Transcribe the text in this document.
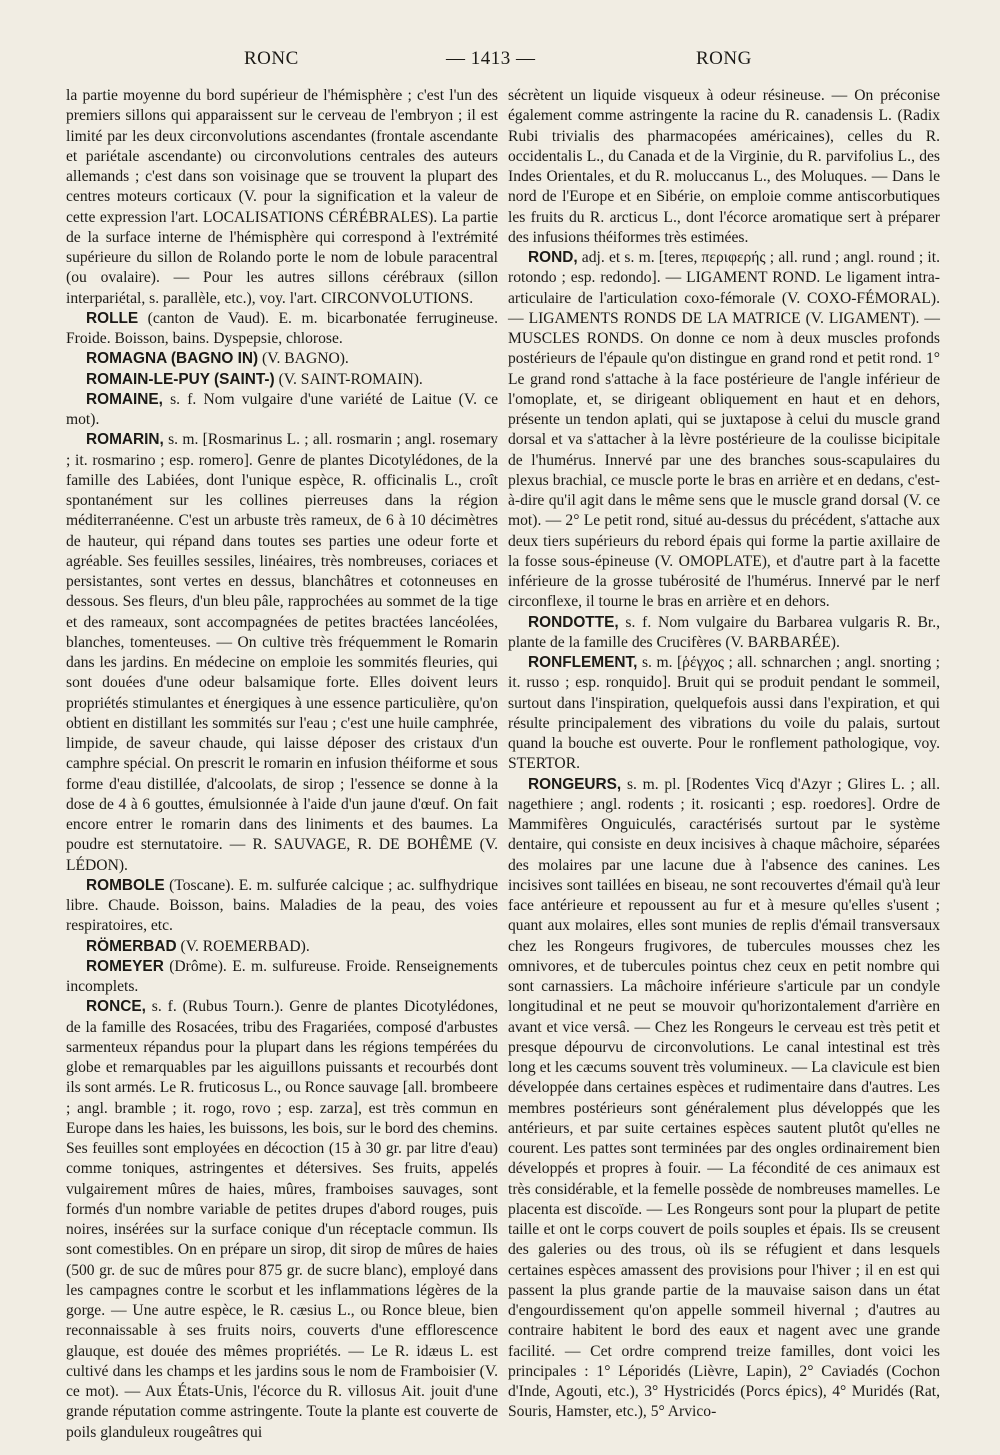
RONC	— 1413 —	RONG

la partie moyenne du bord supérieur de l'hémisphère ; c'est l'un des premiers sillons qui apparaissent sur le cerveau de l'embryon ; il est limité par les deux circonvolutions ascendantes (frontale ascendante et pariétale ascendante) ou circonvolutions centrales des auteurs allemands ; c'est dans son voisinage que se trouvent la plupart des centres moteurs corticaux (V. pour la signification et la valeur de cette expression l'art. LOCALISATIONS CÉRÉBRALES). La partie de la surface interne de l'hémisphère qui correspond à l'extrémité supérieure du sillon de Rolando porte le nom de lobule paracentral (ou ovalaire). — Pour les autres sillons cérébraux (sillon interpariétal, s. parallèle, etc.), voy. l'art. CIRCONVOLUTIONS.

ROLLE (canton de Vaud). E. m. bicarbonatée ferrugineuse. Froide. Boisson, bains. Dyspepsie, chlorose.

ROMAGNA (BAGNO IN) (V. BAGNO).

ROMAIN-LE-PUY (SAINT-) (V. SAINT-ROMAIN).

ROMAINE, s. f. Nom vulgaire d'une variété de Laitue (V. ce mot).

ROMARIN, s. m. [Rosmarinus L. ; all. rosmarin ; angl. rosemary ; it. rosmarino ; esp. romero]. Genre de plantes Dicotylédones, de la famille des Labiées, dont l'unique espèce, R. officinalis L., croît spontanément sur les collines pierreuses dans la région méditerranéenne. C'est un arbuste très rameux, de 6 à 10 décimètres de hauteur, qui répand dans toutes ses parties une odeur forte et agréable. Ses feuilles sessiles, linéaires, très nombreuses, coriaces et persistantes, sont vertes en dessus, blanchâtres et cotonneuses en dessous. Ses fleurs, d'un bleu pâle, rapprochées au sommet de la tige et des rameaux, sont accompagnées de petites bractées lancéolées, blanches, tomenteuses. — On cultive très fréquemment le Romarin dans les jardins. En médecine on emploie les sommités fleuries, qui sont douées d'une odeur balsamique forte. Elles doivent leurs propriétés stimulantes et énergiques à une essence particulière, qu'on obtient en distillant les sommités sur l'eau ; c'est une huile camphrée, limpide, de saveur chaude, qui laisse déposer des cristaux d'un camphre spécial. On prescrit le romarin en infusion théiforme et sous forme d'eau distillée, d'alcoolats, de sirop ; l'essence se donne à la dose de 4 à 6 gouttes, émulsionnée à l'aide d'un jaune d'œuf. On fait encore entrer le romarin dans des liniments et des baumes. La poudre est sternutatoire. — R. SAUVAGE, R. DE BOHÊME (V. LÉDON).

ROMBOLE (Toscane). E. m. sulfurée calcique ; ac. sulfhydrique libre. Chaude. Boisson, bains. Maladies de la peau, des voies respiratoires, etc.

RÖMERBAD (V. ROEMERBAD).

ROMEYER (Drôme). E. m. sulfureuse. Froide. Renseignements incomplets.

RONCE, s. f. (Rubus Tourn.). Genre de plantes Dicotylédones, de la famille des Rosacées, tribu des Fragariées, composé d'arbustes sarmenteux répandus pour la plupart dans les régions tempérées du globe et remarquables par les aiguillons puissants et recourbés dont ils sont armés. Le R. fruticosus L., ou Ronce sauvage [all. brombeere ; angl. bramble ; it. rogo, rovo ; esp. zarza], est très commun en Europe dans les haies, les buissons, les bois, sur le bord des chemins. Ses feuilles sont employées en décoction (15 à 30 gr. par litre d'eau) comme toniques, astringentes et détersives. Ses fruits, appelés vulgairement mûres de haies, mûres, framboises sauvages, sont formés d'un nombre variable de petites drupes d'abord rouges, puis noires, insérées sur la surface conique d'un réceptacle commun. Ils sont comestibles. On en prépare un sirop, dit sirop de mûres de haies (500 gr. de suc de mûres pour 875 gr. de sucre blanc), employé dans les campagnes contre le scorbut et les inflammations légères de la gorge. — Une autre espèce, le R. cæsius L., ou Ronce bleue, bien reconnaissable à ses fruits noirs, couverts d'une efflorescence glauque, est douée des mêmes propriétés. — Le R. idæus L. est cultivé dans les champs et les jardins sous le nom de Framboisier (V. ce mot). — Aux États-Unis, l'écorce du R. villosus Ait. jouit d'une grande réputation comme astringente. Toute la plante est couverte de poils glanduleux rougeâtres qui

sécrètent un liquide visqueux à odeur résineuse. — On préconise également comme astringente la racine du R. canadensis L. (Radix Rubi trivialis des pharmacopées américaines), celles du R. occidentalis L., du Canada et de la Virginie, du R. parvifolius L., des Indes Orientales, et du R. moluccanus L., des Moluques. — Dans le nord de l'Europe et en Sibérie, on emploie comme antiscorbutiques les fruits du R. arcticus L., dont l'écorce aromatique sert à préparer des infusions théiformes très estimées.

ROND, adj. et s. m. [teres, περιφερής ; all. rund ; angl. round ; it. rotondo ; esp. redondo]. — LIGAMENT ROND. Le ligament intra-articulaire de l'articulation coxo-fémorale (V. COXO-FÉMORAL). — LIGAMENTS RONDS DE LA MATRICE (V. LIGAMENT). — MUSCLES RONDS. On donne ce nom à deux muscles profonds postérieurs de l'épaule qu'on distingue en grand rond et petit rond. 1° Le grand rond s'attache à la face postérieure de l'angle inférieur de l'omoplate, et, se dirigeant obliquement en haut et en dehors, présente un tendon aplati, qui se juxtapose à celui du muscle grand dorsal et va s'attacher à la lèvre postérieure de la coulisse bicipitale de l'humérus. Innervé par une des branches sous-scapulaires du plexus brachial, ce muscle porte le bras en arrière et en dedans, c'est-à-dire qu'il agit dans le même sens que le muscle grand dorsal (V. ce mot). — 2° Le petit rond, situé au-dessus du précédent, s'attache aux deux tiers supérieurs du rebord épais qui forme la partie axillaire de la fosse sous-épineuse (V. OMOPLATE), et d'autre part à la facette inférieure de la grosse tubérosité de l'humérus. Innervé par le nerf circonflexe, il tourne le bras en arrière et en dehors.

RONDOTTE, s. f. Nom vulgaire du Barbarea vulgaris R. Br., plante de la famille des Crucifères (V. BARBARÉE).

RONFLEMENT, s. m. [ῥέγχος ; all. schnarchen ; angl. snorting ; it. russo ; esp. ronquido]. Bruit qui se produit pendant le sommeil, surtout dans l'inspiration, quelquefois aussi dans l'expiration, et qui résulte principalement des vibrations du voile du palais, surtout quand la bouche est ouverte. Pour le ronflement pathologique, voy. STERTOR.

RONGEURS, s. m. pl. [Rodentes Vicq d'Azyr ; Glires L. ; all. nagethiere ; angl. rodents ; it. rosicanti ; esp. roedores]. Ordre de Mammifères Onguiculés, caractérisés surtout par le système dentaire, qui consiste en deux incisives à chaque mâchoire, séparées des molaires par une lacune due à l'absence des canines. Les incisives sont taillées en biseau, ne sont recouvertes d'émail qu'à leur face antérieure et repoussent au fur et à mesure qu'elles s'usent ; quant aux molaires, elles sont munies de replis d'émail transversaux chez les Rongeurs frugivores, de tubercules mousses chez les omnivores, et de tubercules pointus chez ceux en petit nombre qui sont carnassiers. La mâchoire inférieure s'articule par un condyle longitudinal et ne peut se mouvoir qu'horizontalement d'arrière en avant et vice versâ. — Chez les Rongeurs le cerveau est très petit et presque dépourvu de circonvolutions. Le canal intestinal est très long et les cæcums souvent très volumineux. — La clavicule est bien développée dans certaines espèces et rudimentaire dans d'autres. Les membres postérieurs sont généralement plus développés que les antérieurs, et par suite certaines espèces sautent plutôt qu'elles ne courent. Les pattes sont terminées par des ongles ordinairement bien développés et propres à fouir. — La fécondité de ces animaux est très considérable, et la femelle possède de nombreuses mamelles. Le placenta est discoïde. — Les Rongeurs sont pour la plupart de petite taille et ont le corps couvert de poils souples et épais. Ils se creusent des galeries ou des trous, où ils se réfugient et dans lesquels certaines espèces amassent des provisions pour l'hiver ; il en est qui passent la plus grande partie de la mauvaise saison dans un état d'engourdissement qu'on appelle sommeil hivernal ; d'autres au contraire habitent le bord des eaux et nagent avec une grande facilité. — Cet ordre comprend treize familles, dont voici les principales : 1° Léporidés (Lièvre, Lapin), 2° Caviadés (Cochon d'Inde, Agouti, etc.), 3° Hystricidés (Porcs épics), 4° Muridés (Rat, Souris, Hamster, etc.), 5° Arvico-
